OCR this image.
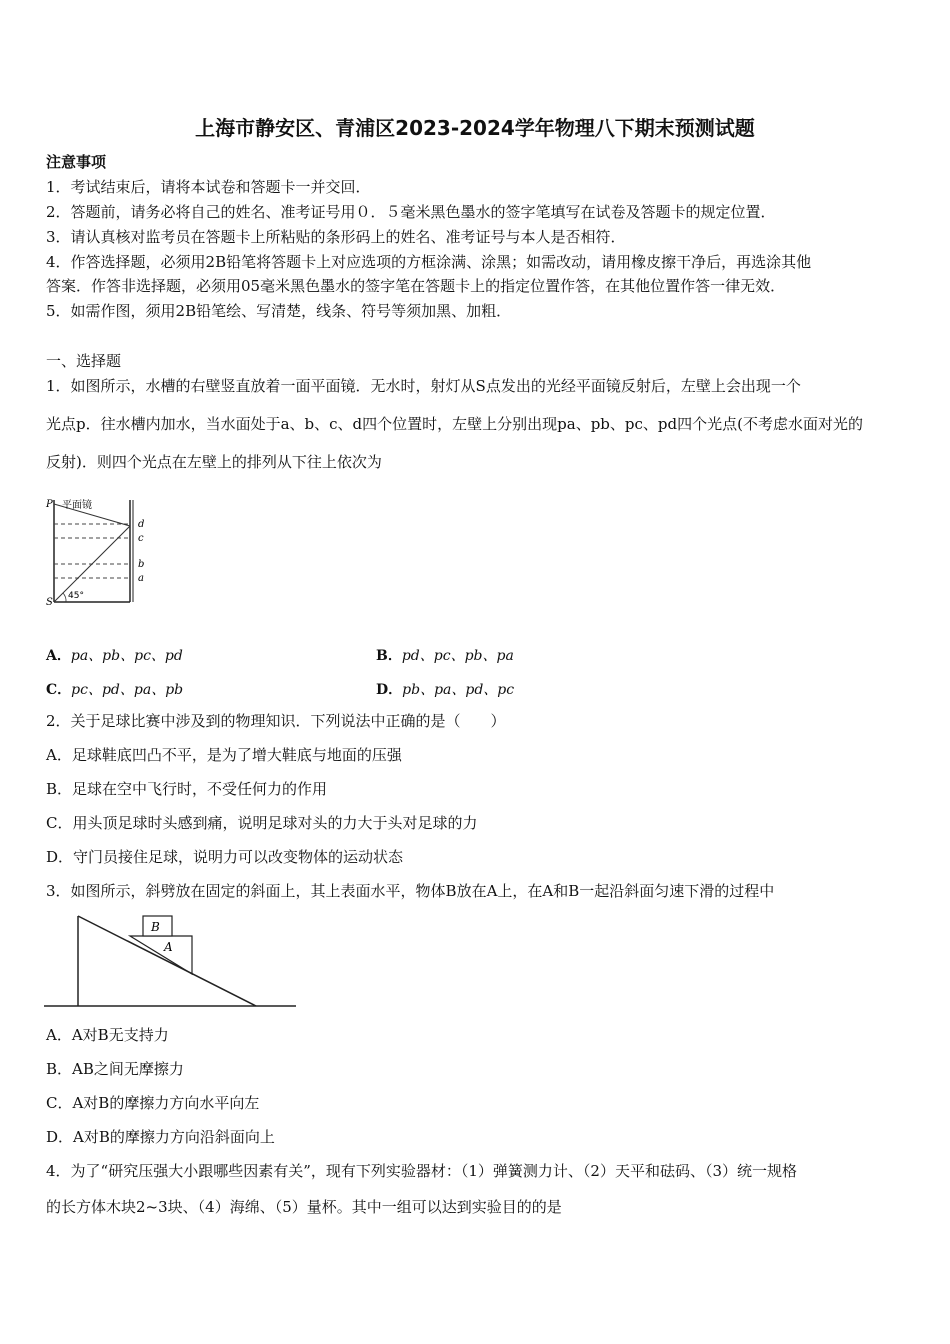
上海市静安区、青浦区2023-2024学年物理八下期末预测试题
注意事项
1．考试结束后，请将本试卷和答题卡一并交回．
2．答题前，请务必将自己的姓名、准考证号用０．５毫米黑色墨水的签字笔填写在试卷及答题卡的规定位置．
3．请认真核对监考员在答题卡上所粘贴的条形码上的姓名、准考证号与本人是否相符．
4．作答选择题，必须用2B铅笔将答题卡上对应选项的方框涂满、涂黑；如需改动，请用橡皮擦干净后，再选涂其他
答案．作答非选择题，必须用05毫米黑色墨水的签字笔在答题卡上的指定位置作答，在其他位置作答一律无效．
5．如需作图，须用2B铅笔绘、写清楚，线条、符号等须加黑、加粗．
一、选择题
1．如图所示，水槽的右壁竖直放着一面平面镜．无水时，射灯从S点发出的光经平面镜反射后，左壁上会出现一个
光点p．往水槽内加水，当水面处于a、b、c、d四个位置时，左壁上分别出现pa、pb、pc、pd四个光点(不考虑水面对光的
反射)．则四个光点在左壁上的排列从下往上依次为
P 平面镜
S
45°
d
c
b
a
A．pa、pb、pc、pd	B．pd、pc、pb、pa
C．pc、pd、pa、pb	D．pb、pa、pd、pc
2．关于足球比赛中涉及到的物理知识．下列说法中正确的是（　　）
A．足球鞋底凹凸不平，是为了增大鞋底与地面的压强
B．足球在空中飞行时，不受任何力的作用
C．用头顶足球时头感到痛，说明足球对头的力大于头对足球的力
D．守门员接住足球，说明力可以改变物体的运动状态
3．如图所示，斜劈放在固定的斜面上，其上表面水平，物体B放在A上，在A和B一起沿斜面匀速下滑的过程中
B
A
A．A对B无支持力
B．AB之间无摩擦力
C．A对B的摩擦力方向水平向左
D．A对B的摩擦力方向沿斜面向上
4．为了“研究压强大小跟哪些因素有关”，现有下列实验器材：（1）弹簧测力计、（2）天平和砝码、（3）统一规格
的长方体木块2~3块、（4）海绵、（5）量杯。其中一组可以达到实验目的的是
